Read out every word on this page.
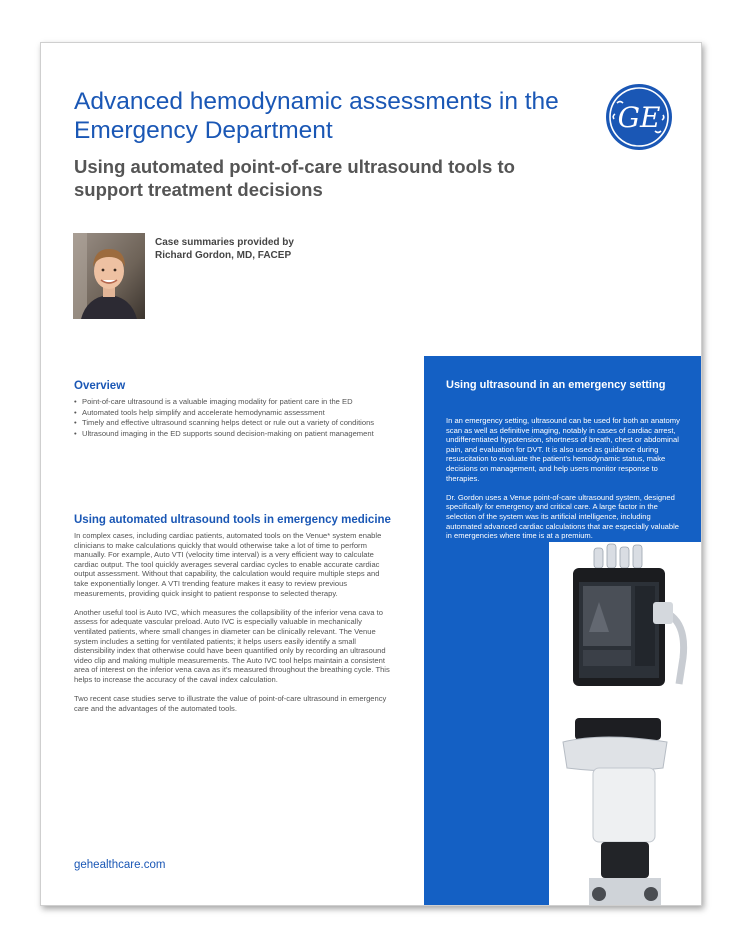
Advanced hemodynamic assessments in the Emergency Department
Using automated point-of-care ultrasound tools to support treatment decisions
GE
Case summaries provided by
Richard Gordon, MD, FACEP
Overview
• Point-of-care ultrasound is a valuable imaging modality for patient care in the ED
• Automated tools help simplify and accelerate hemodynamic assessment
• Timely and effective ultrasound scanning helps detect or rule out a variety of conditions
• Ultrasound imaging in the ED supports sound decision-making on patient management
Using automated ultrasound tools in emergency medicine

In complex cases, including cardiac patients, automated tools on the Venue* system enable clinicians to make calculations quickly that would otherwise take a lot of time to perform manually. For example, Auto VTI (velocity time interval) is a very efficient way to calculate cardiac output. The tool quickly averages several cardiac cycles to enable accurate cardiac output assessment. Without that capability, the calculation would require multiple steps and take exponentially longer. A VTI trending feature makes it easy to review previous measurements, providing quick insight to patient response to selected therapy.

Another useful tool is Auto IVC, which measures the collapsibility of the inferior vena cava to assess for adequate vascular preload. Auto IVC is especially valuable in mechanically ventilated patients, where small changes in diameter can be clinically relevant. The Venue system includes a setting for ventilated patients; it helps users easily identify a small distensibility index that otherwise could have been quantified only by recording an ultrasound video clip and making multiple measurements. The Auto IVC tool helps maintain a consistent area of interest on the inferior vena cava as it's measured throughout the breathing cycle. This helps to increase the accuracy of the caval index calculation.

Two recent case studies serve to illustrate the value of point-of-care ultrasound in emergency care and the advantages of the automated tools.

gehealthcare.com
Using ultrasound in an emergency setting

In an emergency setting, ultrasound can be used for both an anatomy scan as well as definitive imaging, notably in cases of cardiac arrest, undifferentiated hypotension, shortness of breath, chest or abdominal pain, and evaluation for DVT. It is also used as guidance during resuscitation to evaluate the patient's hemodynamic status, make decisions on management, and help users monitor response to therapies.

Dr. Gordon uses a Venue point-of-care ultrasound system, designed specifically for emergency and critical care. A large factor in the selection of the system was its artificial intelligence, including automated advanced cardiac calculations that are especially valuable in emergencies where time is at a premium.
